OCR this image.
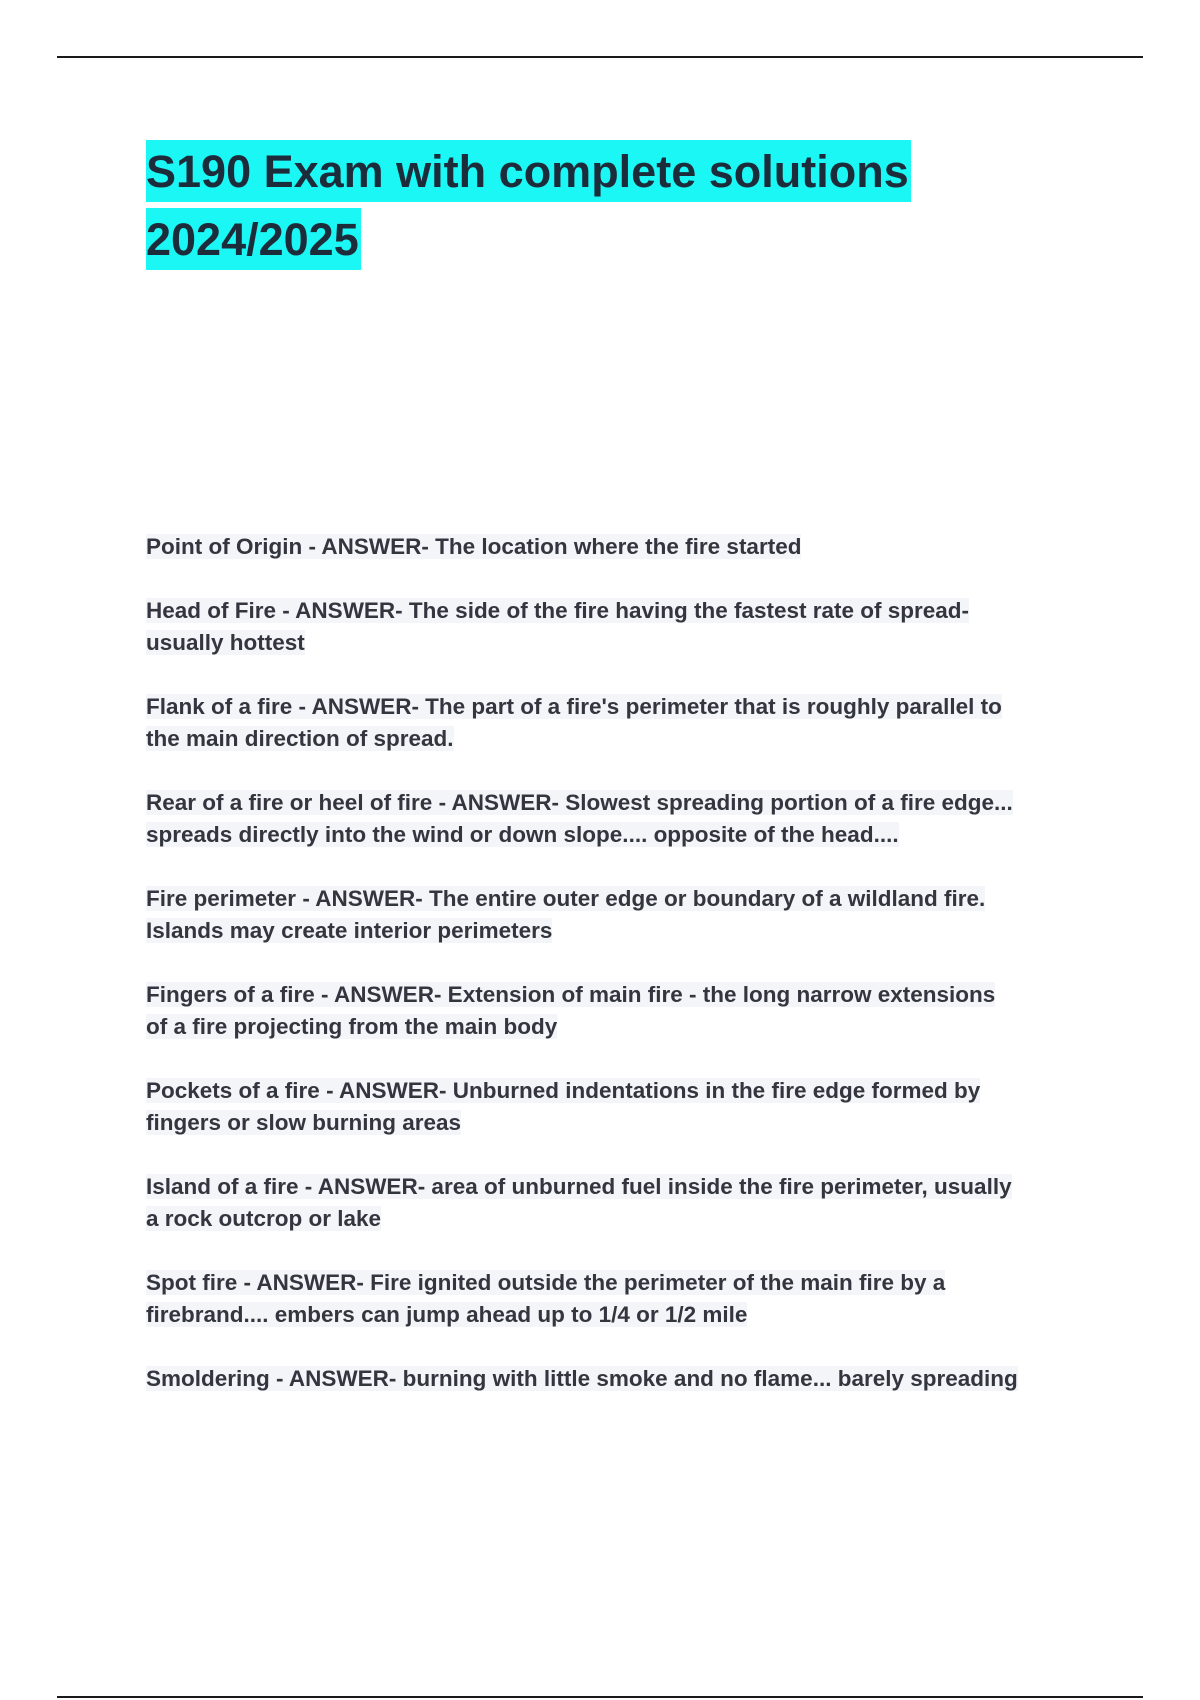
S190 Exam with complete solutions
2024/2025
Point of Origin - ANSWER- The location where the fire started
Head of Fire - ANSWER- The side of the fire having the fastest rate of spread-
usually hottest
Flank of a fire - ANSWER- The part of a fire's perimeter that is roughly parallel to
the main direction of spread.
Rear of a fire or heel of fire - ANSWER- Slowest spreading portion of a fire edge...
spreads directly into the wind or down slope.... opposite of the head....
Fire perimeter - ANSWER- The entire outer edge or boundary of a wildland fire.
Islands may create interior perimeters
Fingers of a fire - ANSWER- Extension of main fire - the long narrow extensions
of a fire projecting from the main body
Pockets of a fire - ANSWER- Unburned indentations in the fire edge formed by
fingers or slow burning areas
Island of a fire - ANSWER- area of unburned fuel inside the fire perimeter, usually
a rock outcrop or lake
Spot fire - ANSWER- Fire ignited outside the perimeter of the main fire by a
firebrand.... embers can jump ahead up to 1/4 or 1/2 mile
Smoldering - ANSWER- burning with little smoke and no flame... barely spreading
